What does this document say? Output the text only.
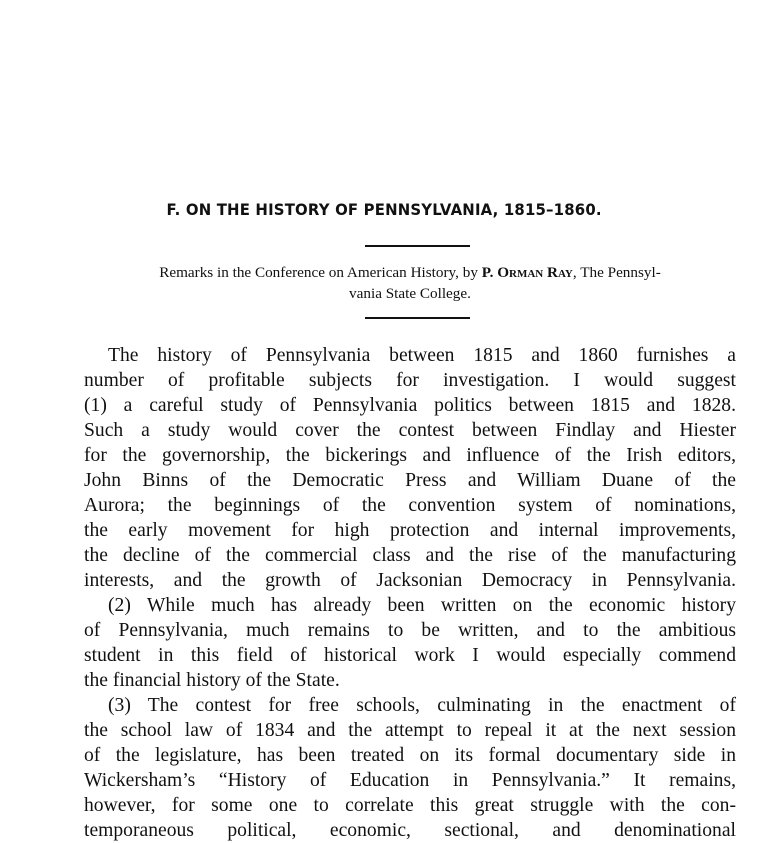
F. ON THE HISTORY OF PENNSYLVANIA, 1815–1860.

Remarks in the Conference on American History, by P. Orman Ray, The Pennsyl-
vania State College.

The history of Pennsylvania between 1815 and 1860 furnishes a
number of profitable subjects for investigation. I would suggest
(1) a careful study of Pennsylvania politics between 1815 and 1828.
Such a study would cover the contest between Findlay and Hiester
for the governorship, the bickerings and influence of the Irish editors,
John Binns of the Democratic Press and William Duane of the
Aurora; the beginnings of the convention system of nominations,
the early movement for high protection and internal improvements,
the decline of the commercial class and the rise of the manufacturing
interests, and the growth of Jacksonian Democracy in Pennsylvania.
(2) While much has already been written on the economic history
of Pennsylvania, much remains to be written, and to the ambitious
student in this field of historical work I would especially commend
the financial history of the State.
(3) The contest for free schools, culminating in the enactment of
the school law of 1834 and the attempt to repeal it at the next session
of the legislature, has been treated on its formal documentary side in
Wickersham’s “History of Education in Pennsylvania.” It remains,
however, for some one to correlate this great struggle with the con-
temporaneous political, economic, sectional, and denominational
